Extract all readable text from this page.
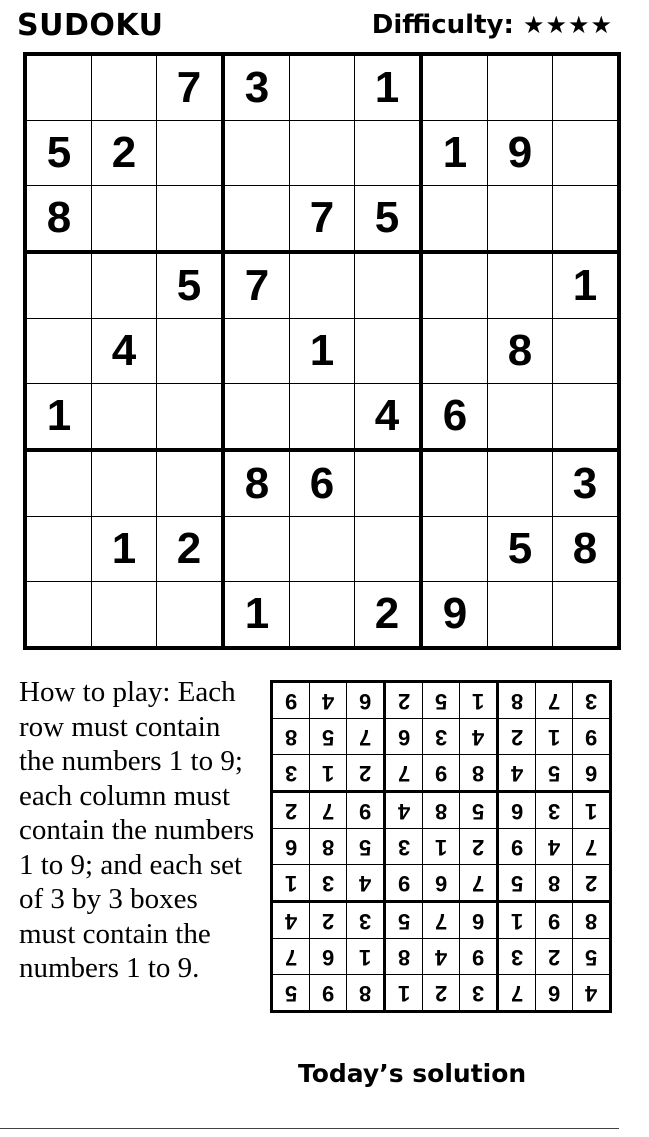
SUDOKU	Difficulty: ★★★★
		7	3		1			
5	2					1	9	
8				7	5			
		5	7					1
	4			1			8	
1					4	6		
			8	6				3
	1	2					5	8
			1		2	9		
How to play: Each row must contain the numbers 1 to 9; each column must contain the numbers 1 to 9; and each set of 3 by 3 boxes must contain the numbers 1 to 9.
9	4	6	2	5	1	8	7	3
8	5	7	6	3	4	2	1	9
3	1	2	7	9	8	4	5	6
2	7	9	4	8	5	6	3	1
6	8	5	3	1	2	9	4	7
1	3	4	9	6	7	5	8	2
4	2	3	5	7	6	1	9	8
7	6	1	8	4	9	3	2	5
5	9	8	1	2	3	7	6	4
Today’s solution
